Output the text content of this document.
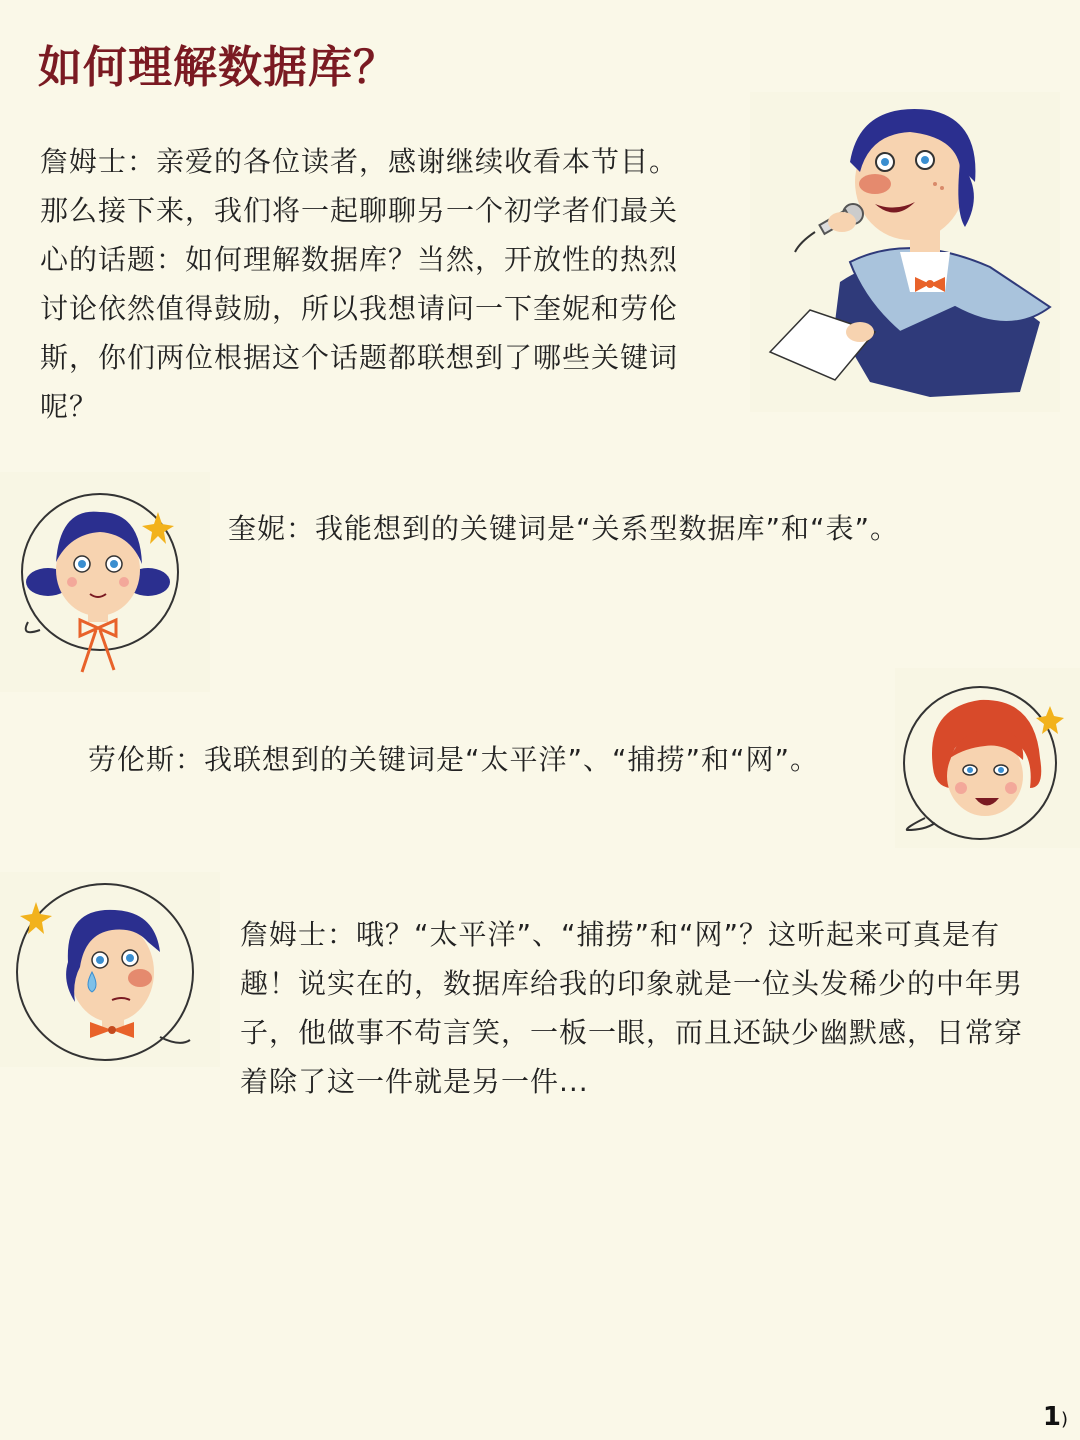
如何理解数据库？

詹姆士：亲爱的各位读者，感谢继续收看本节目。那么接下来，我们将一起聊聊另一个初学者们最关心的话题：如何理解数据库？当然，开放性的热烈讨论依然值得鼓励，所以我想请问一下奎妮和劳伦斯，你们两位根据这个话题都联想到了哪些关键词呢？

奎妮：我能想到的关键词是“关系型数据库”和“表”。

劳伦斯：我联想到的关键词是“太平洋”、“捕捞”和“网”。

詹姆士：哦？“太平洋”、“捕捞”和“网”？这听起来可真是有趣！说实在的，数据库给我的印象就是一位头发稀少的中年男子，他做事不苟言笑，一板一眼，而且还缺少幽默感，日常穿着除了这一件就是另一件...

1)
